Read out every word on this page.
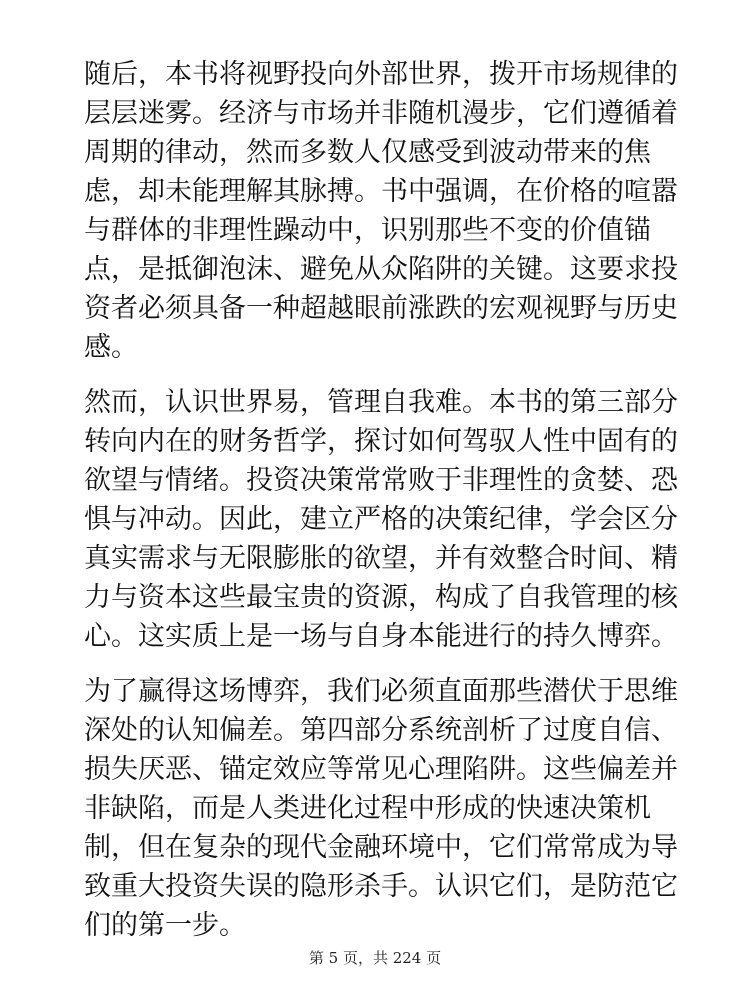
随后，本书将视野投向外部世界，拨开市场规律的
层层迷雾。经济与市场并非随机漫步，它们遵循着
周期的律动，然而多数人仅感受到波动带来的焦
虑，却未能理解其脉搏。书中强调，在价格的喧嚣
与群体的非理性躁动中，识别那些不变的价值锚
点，是抵御泡沫、避免从众陷阱的关键。这要求投
资者必须具备一种超越眼前涨跌的宏观视野与历史
感。

然而，认识世界易，管理自我难。本书的第三部分
转向内在的财务哲学，探讨如何驾驭人性中固有的
欲望与情绪。投资决策常常败于非理性的贪婪、恐
惧与冲动。因此，建立严格的决策纪律，学会区分
真实需求与无限膨胀的欲望，并有效整合时间、精
力与资本这些最宝贵的资源，构成了自我管理的核
心。这实质上是一场与自身本能进行的持久博弈。

为了赢得这场博弈，我们必须直面那些潜伏于思维
深处的认知偏差。第四部分系统剖析了过度自信、
损失厌恶、锚定效应等常见心理陷阱。这些偏差并
非缺陷，而是人类进化过程中形成的快速决策机
制，但在复杂的现代金融环境中，它们常常成为导
致重大投资失误的隐形杀手。认识它们，是防范它
们的第一步。

第 5 页，共 224 页
